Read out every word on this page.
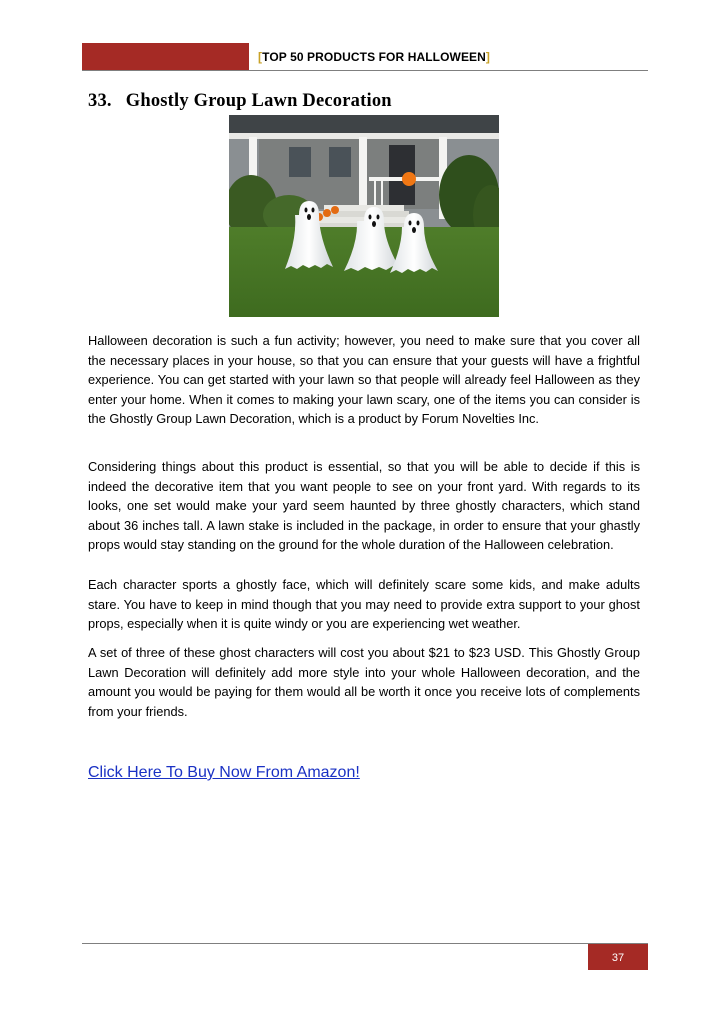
[TOP 50 PRODUCTS FOR HALLOWEEN]
33. Ghostly Group Lawn Decoration

Halloween decoration is such a fun activity; however, you need to make sure that you cover all the necessary places in your house, so that you can ensure that your guests will have a frightful experience. You can get started with your lawn so that people will already feel Halloween as they enter your home. When it comes to making your lawn scary, one of the items you can consider is the Ghostly Group Lawn Decoration, which is a product by Forum Novelties Inc.

Considering things about this product is essential, so that you will be able to decide if this is indeed the decorative item that you want people to see on your front yard. With regards to its looks, one set would make your yard seem haunted by three ghostly characters, which stand about 36 inches tall. A lawn stake is included in the package, in order to ensure that your ghastly props would stay standing on the ground for the whole duration of the Halloween celebration.

Each character sports a ghostly face, which will definitely scare some kids, and make adults stare. You have to keep in mind though that you may need to provide extra support to your ghost props, especially when it is quite windy or you are experiencing wet weather.

A set of three of these ghost characters will cost you about $21 to $23 USD. This Ghostly Group Lawn Decoration will definitely add more style into your whole Halloween decoration, and the amount you would be paying for them would all be worth it once you receive lots of complements from your friends.

Click Here To Buy Now From Amazon!
37
